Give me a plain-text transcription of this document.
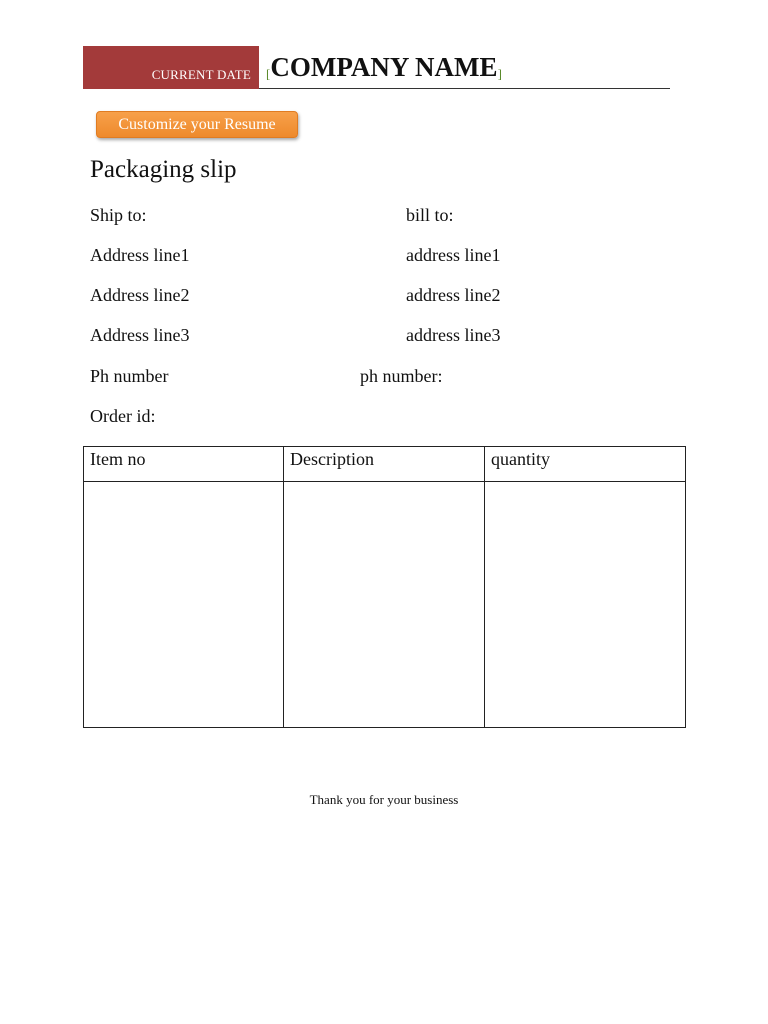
CURRENT DATE [COMPANY NAME]
Customize your Resume
Packaging slip
Ship to:	bill to:
Address line1	address line1
Address line2	address line2
Address line3	address line3
Ph number	ph number:
Order id:
Item no	Description	quantity

Thank you for your business
